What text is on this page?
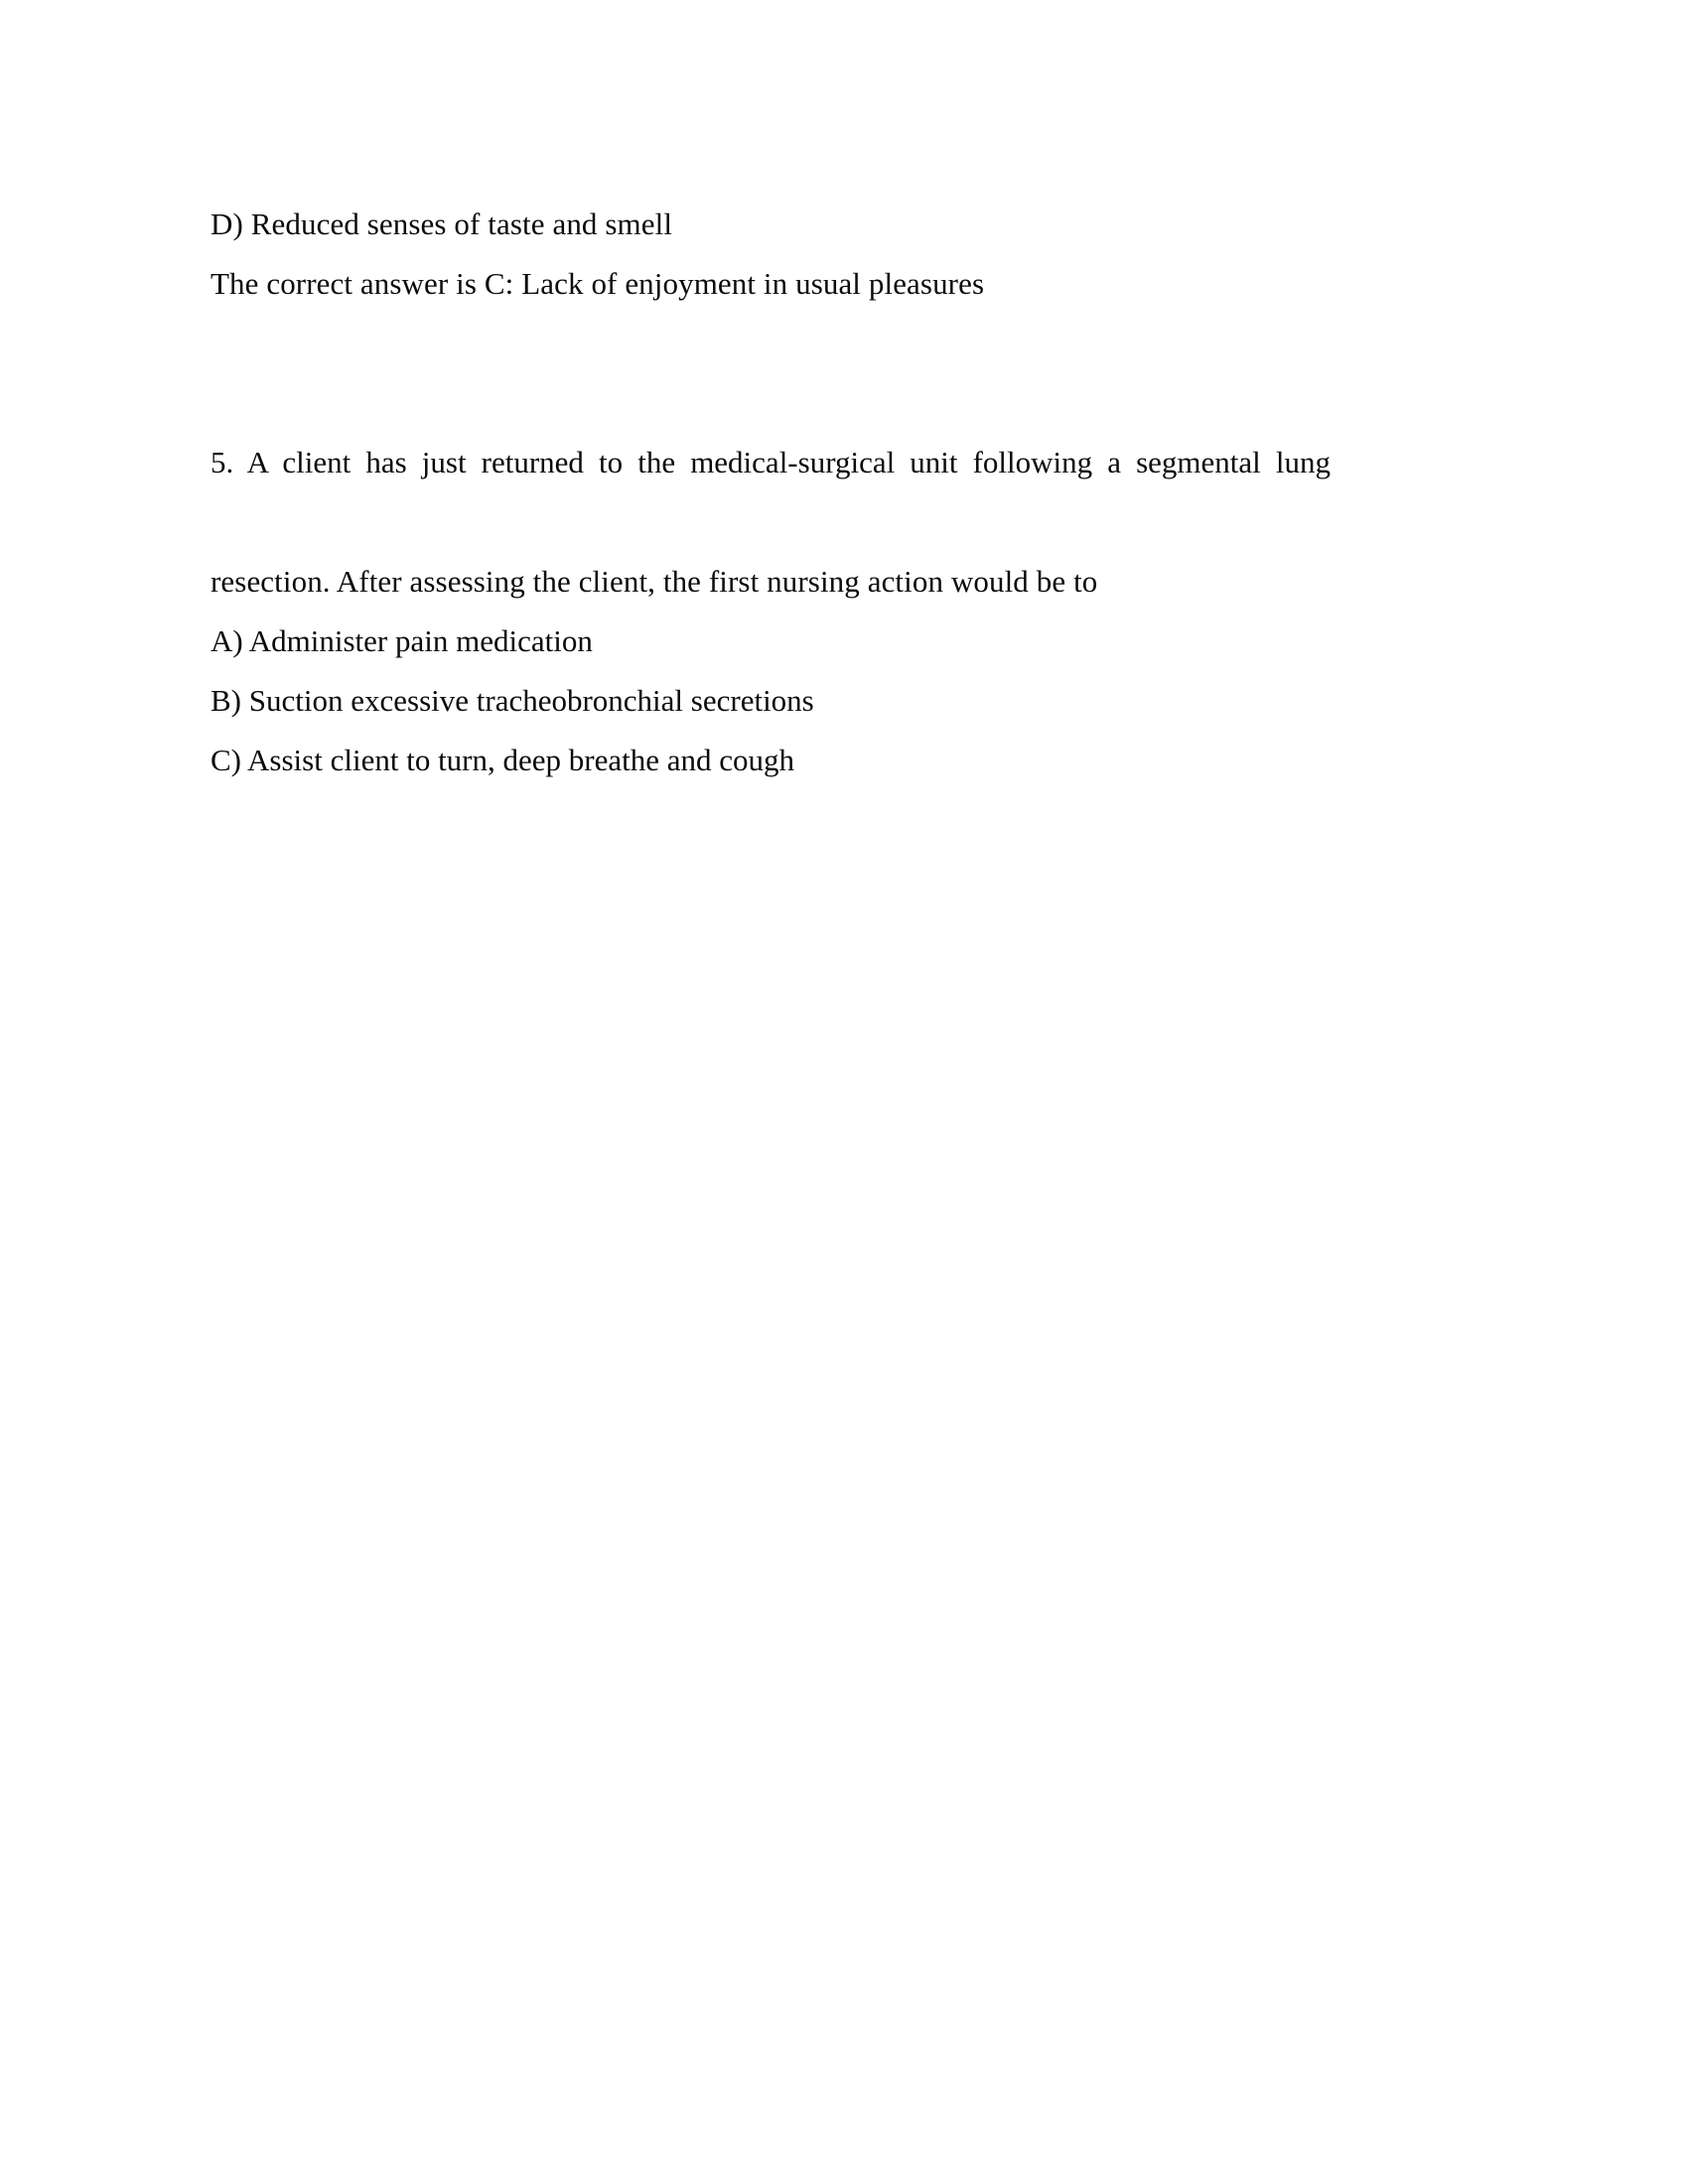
D) Reduced senses of taste and smell

The correct answer is C: Lack of enjoyment in usual pleasures

5. A client has just returned to the medical-surgical unit following a segmental lung

resection. After assessing the client, the first nursing action would be to

A) Administer pain medication

B) Suction excessive tracheobronchial secretions

C) Assist client to turn, deep breathe and cough
